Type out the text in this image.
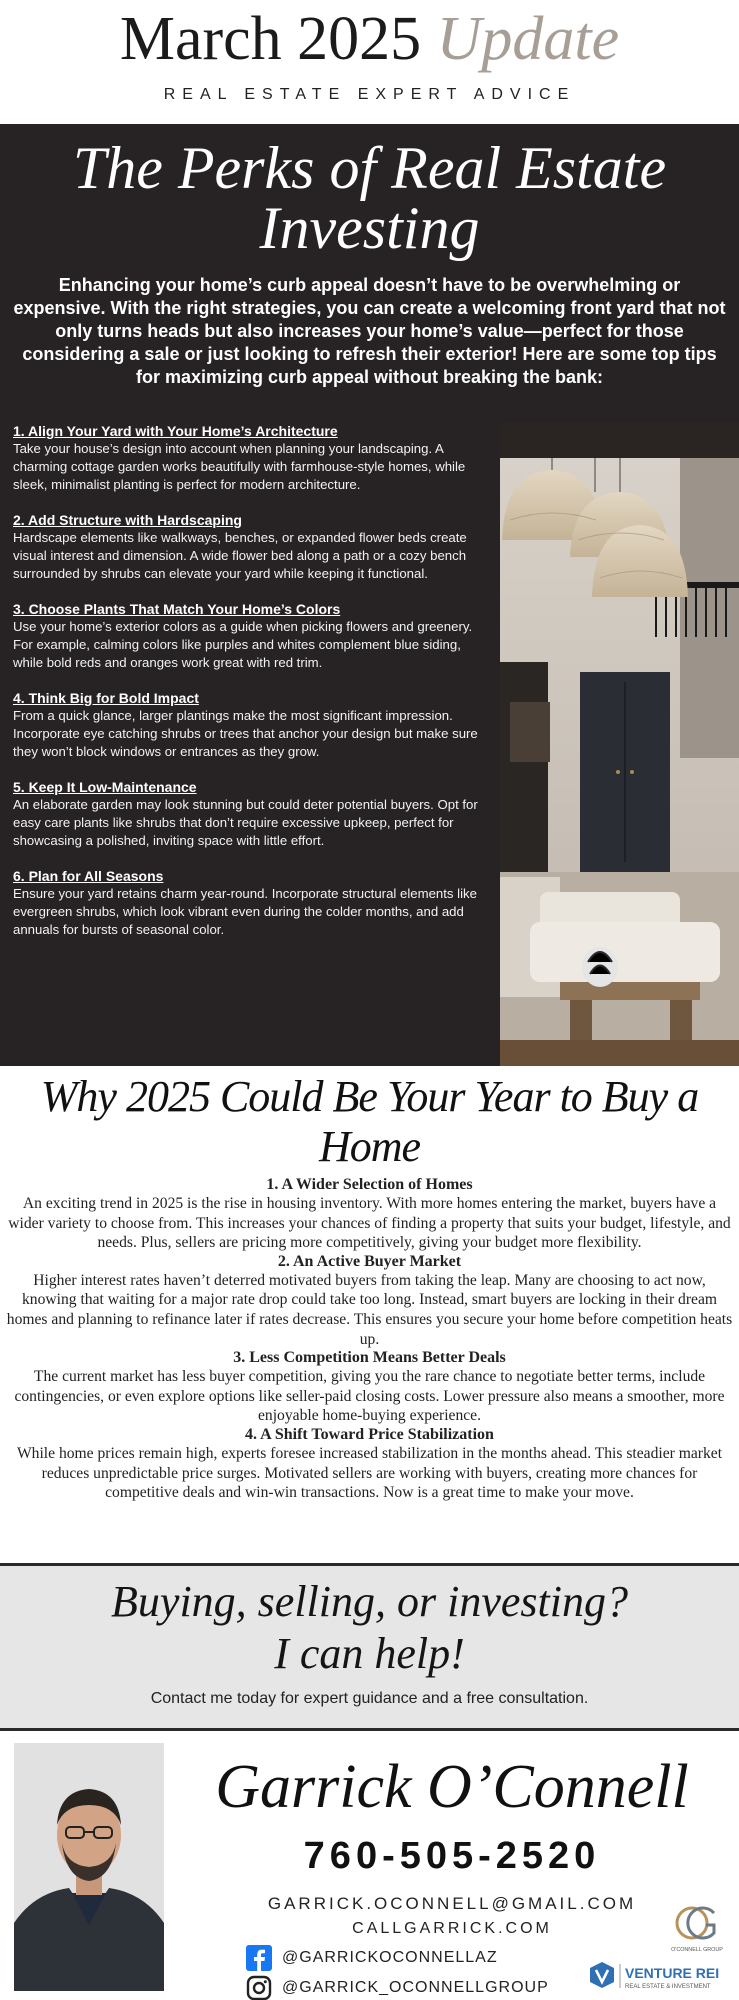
March 2025 Update
REAL ESTATE EXPERT ADVICE
The Perks of Real Estate Investing
Enhancing your home’s curb appeal doesn’t have to be overwhelming or expensive. With the right strategies, you can create a welcoming front yard that not only turns heads but also increases your home’s value—perfect for those considering a sale or just looking to refresh their exterior! Here are some top tips for maximizing curb appeal without breaking the bank:
1. Align Your Yard with Your Home’s Architecture
Take your house’s design into account when planning your landscaping. A charming cottage garden works beautifully with farmhouse-style homes, while sleek, minimalist planting is perfect for modern architecture.
2. Add Structure with Hardscaping
Hardscape elements like walkways, benches, or expanded flower beds create visual interest and dimension. A wide flower bed along a path or a cozy bench surrounded by shrubs can elevate your yard while keeping it functional.
3. Choose Plants That Match Your Home’s Colors
Use your home’s exterior colors as a guide when picking flowers and greenery. For example, calming colors like purples and whites complement blue siding, while bold reds and oranges work great with red trim.
4. Think Big for Bold Impact
From a quick glance, larger plantings make the most significant impression. Incorporate eye catching shrubs or trees that anchor your design but make sure they won’t block windows or entrances as they grow.
5. Keep It Low-Maintenance
An elaborate garden may look stunning but could deter potential buyers. Opt for easy care plants like shrubs that don’t require excessive upkeep, perfect for showcasing a polished, inviting space with little effort.
6. Plan for All Seasons
Ensure your yard retains charm year-round. Incorporate structural elements like evergreen shrubs, which look vibrant even during the colder months, and add annuals for bursts of seasonal color.
Why 2025 Could Be Your Year to Buy a Home
1. A Wider Selection of Homes
An exciting trend in 2025 is the rise in housing inventory. With more homes entering the market, buyers have a wider variety to choose from. This increases your chances of finding a property that suits your budget, lifestyle, and needs. Plus, sellers are pricing more competitively, giving your budget more flexibility.
2. An Active Buyer Market
Higher interest rates haven’t deterred motivated buyers from taking the leap. Many are choosing to act now, knowing that waiting for a major rate drop could take too long. Instead, smart buyers are locking in their dream homes and planning to refinance later if rates decrease. This ensures you secure your home before competition heats up.
3. Less Competition Means Better Deals
The current market has less buyer competition, giving you the rare chance to negotiate better terms, include contingencies, or even explore options like seller-paid closing costs. Lower pressure also means a smoother, more enjoyable home-buying experience.
4. A Shift Toward Price Stabilization
While home prices remain high, experts foresee increased stabilization in the months ahead. This steadier market reduces unpredictable price surges. Motivated sellers are working with buyers, creating more chances for competitive deals and win-win transactions. Now is a great time to make your move.
Buying, selling, or investing?
I can help!
Contact me today for expert guidance and a free consultation.
Garrick O’Connell
760-505-2520
GARRICK.OCONNELL@GMAIL.COM
CALLGARRICK.COM
@GARRICKOCONNELLAZ
@GARRICK_OCONNELLGROUP
O'CONNELL GROUP
VENTURE REI
REAL ESTATE & INVESTMENT
